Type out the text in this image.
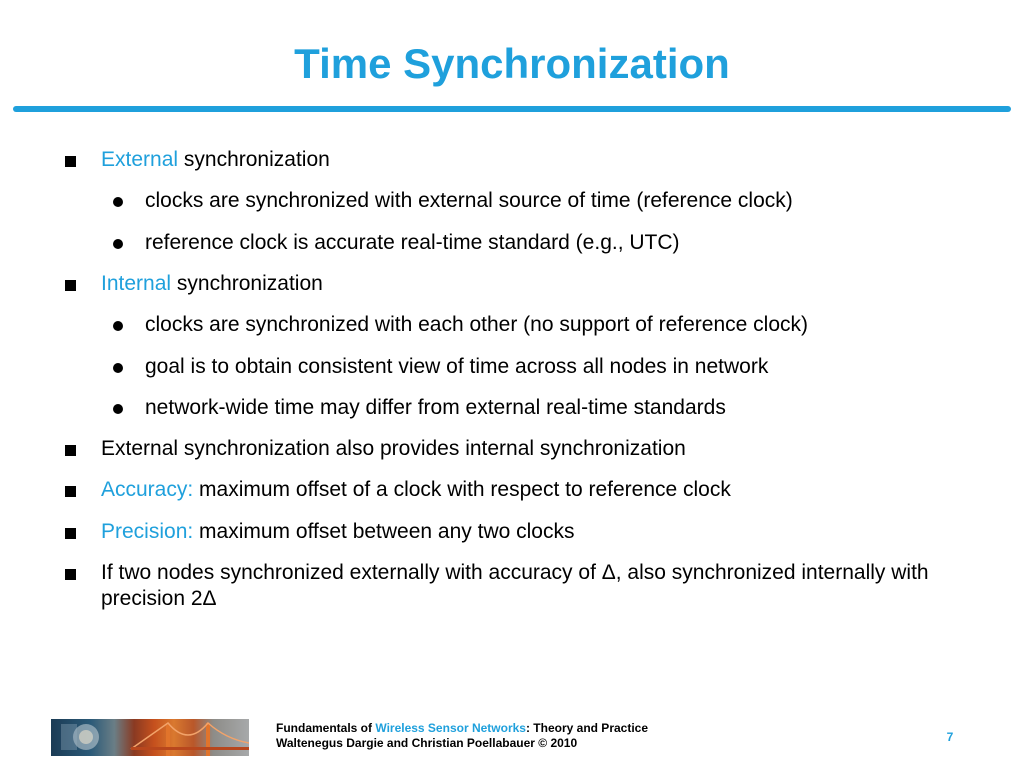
Time Synchronization
External synchronization
clocks are synchronized with external source of time (reference clock)
reference clock is accurate real-time standard (e.g., UTC)
Internal synchronization
clocks are synchronized with each other (no support of reference clock)
goal is to obtain consistent view of time across all nodes in network
network-wide time may differ from external real-time standards
External synchronization also provides internal synchronization
Accuracy: maximum offset of a clock with respect to reference clock
Precision: maximum offset between any two clocks
If two nodes synchronized externally with accuracy of Δ, also synchronized internally with precision 2Δ
Fundamentals of Wireless Sensor Networks: Theory and Practice
Waltenegus Dargie and Christian Poellabauer © 2010	7
